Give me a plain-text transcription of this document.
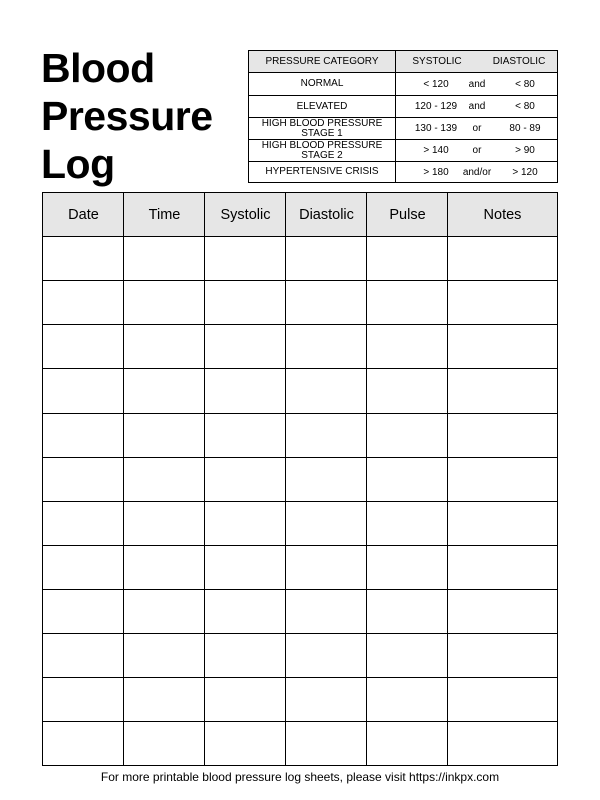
Blood
Pressure
Log
PRESSURE CATEGORY	SYSTOLIC	DIASTOLIC
NORMAL	< 120	and	< 80
ELEVATED	120 - 129	and	< 80
HIGH BLOOD PRESSURE
STAGE 1	130 - 139	or	80 - 89
HIGH BLOOD PRESSURE
STAGE 2	> 140	or	> 90
HYPERTENSIVE CRISIS	> 180	and/or	> 120
Date	Time	Systolic	Diastolic	Pulse	Notes
For more printable blood pressure log sheets, please visit https://inkpx.com
